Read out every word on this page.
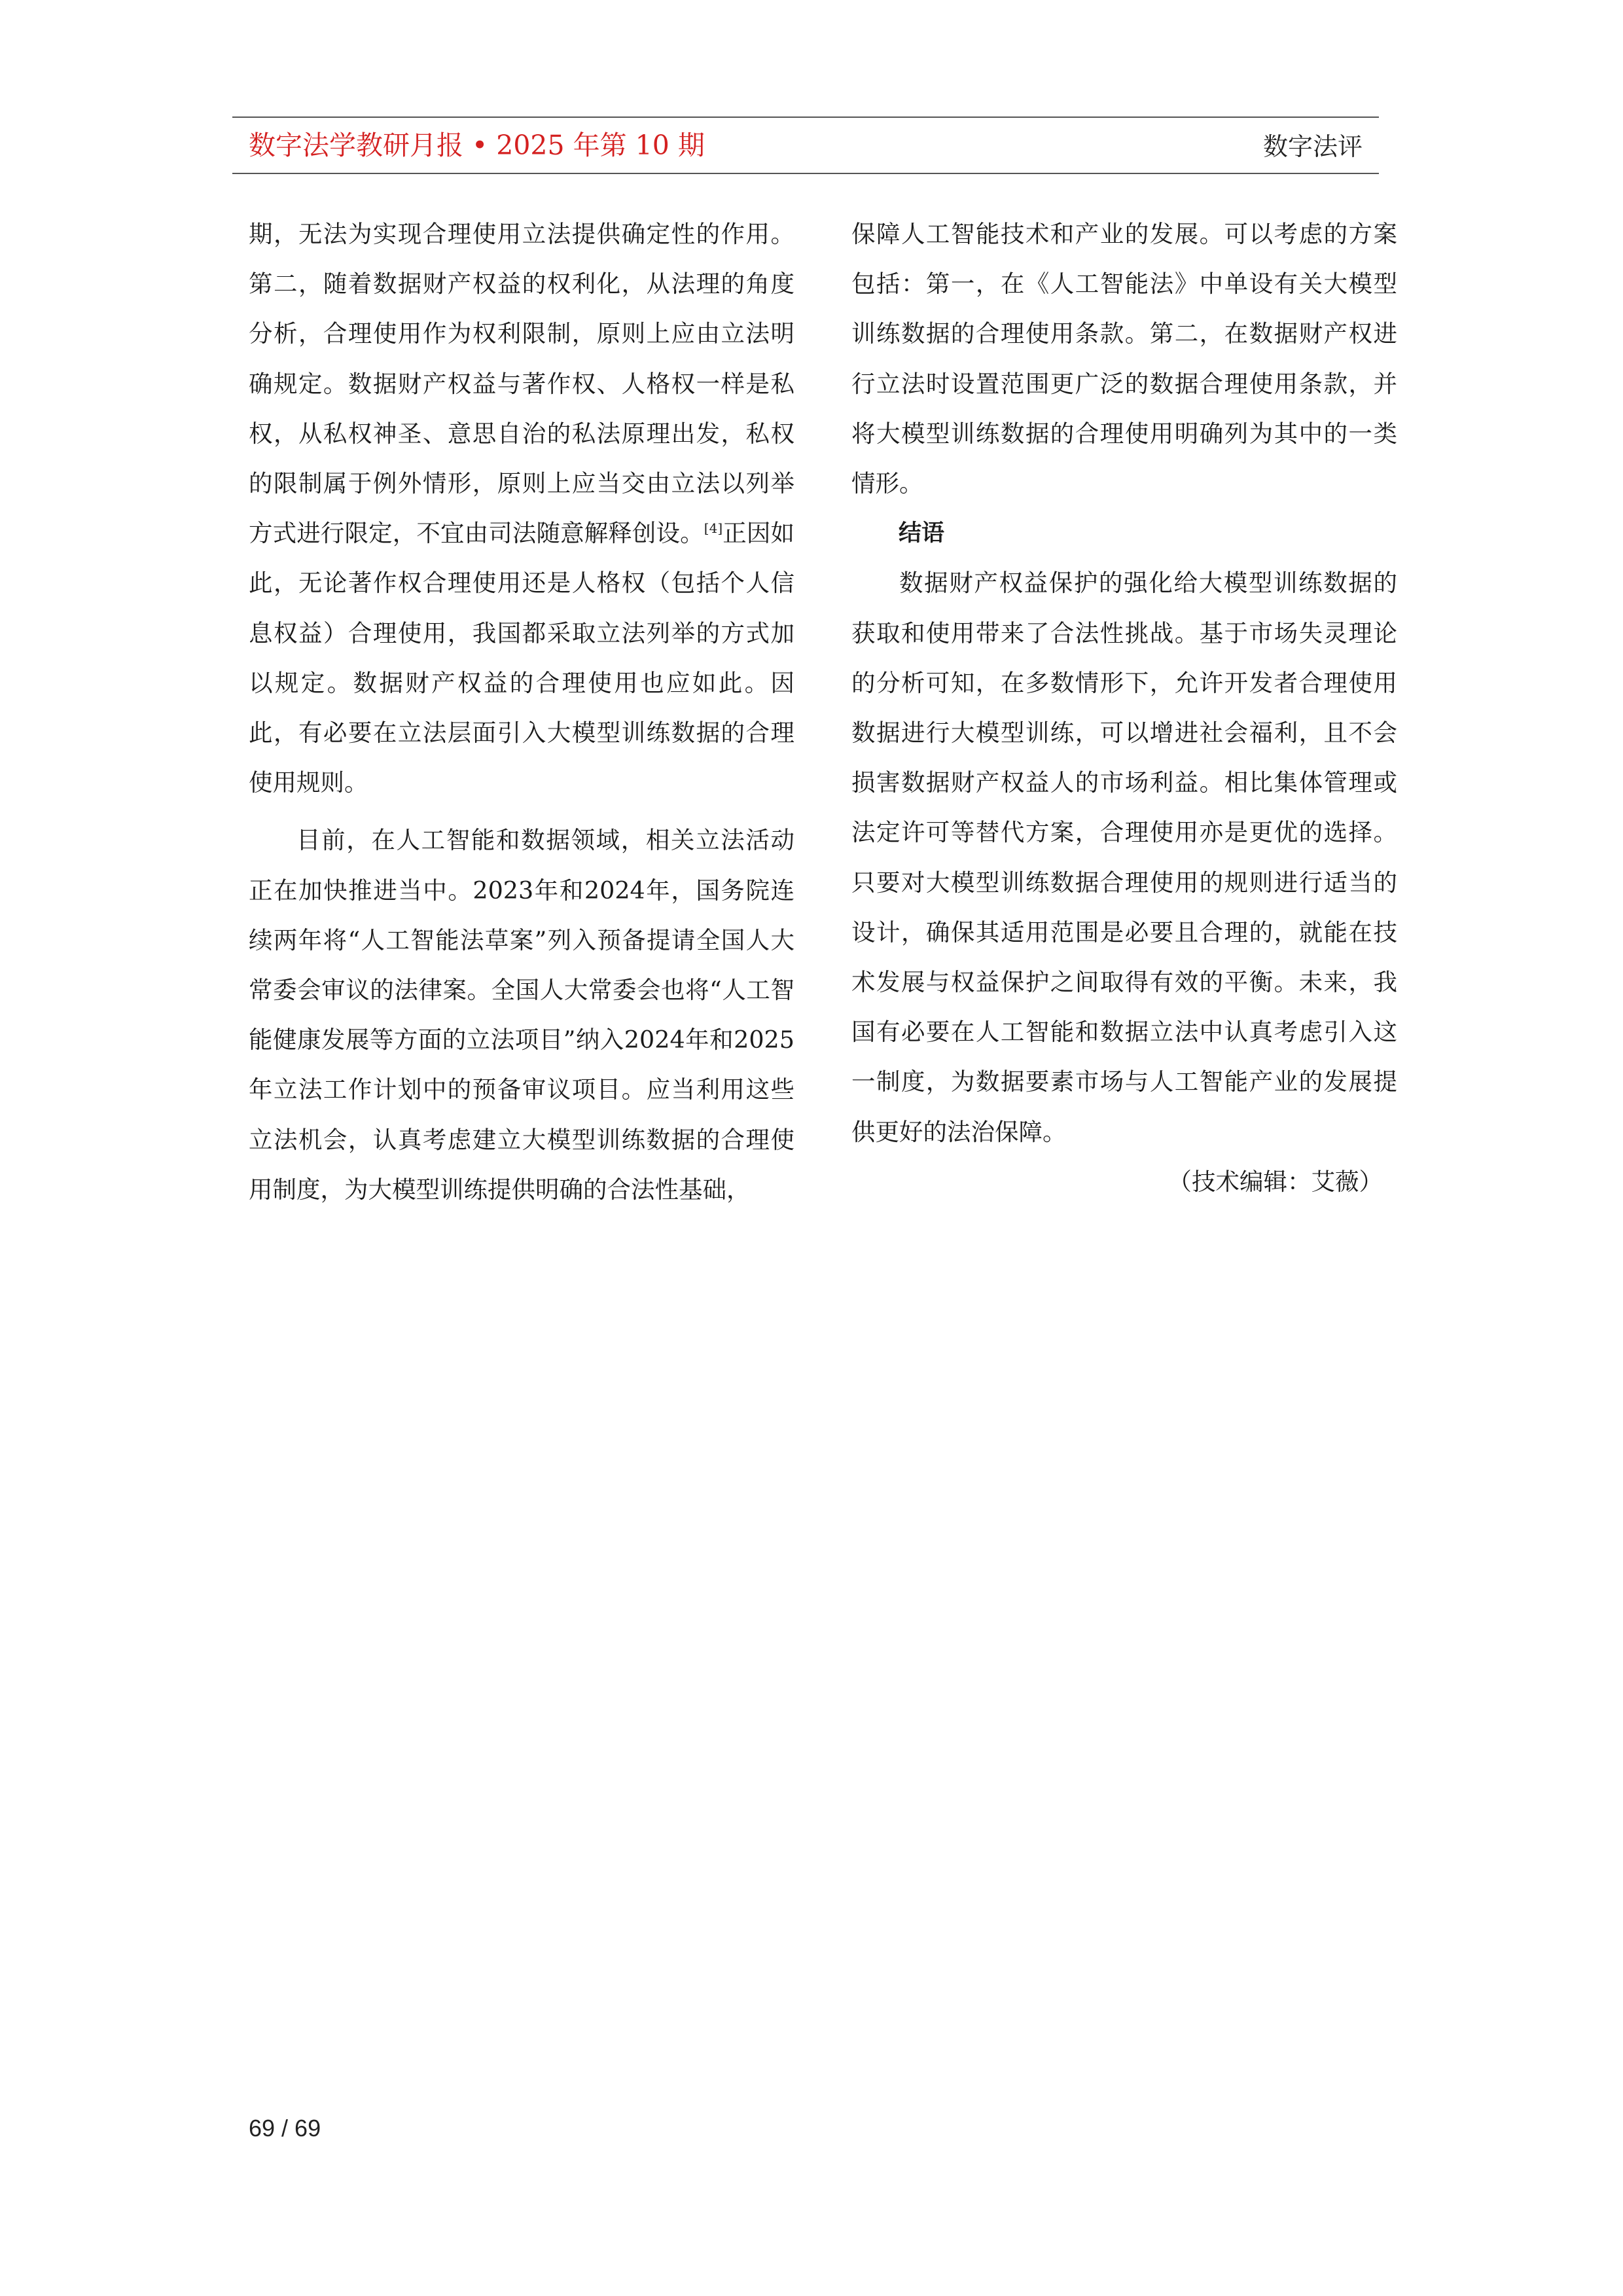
数字法学教研月报 • 2025 年第 10 期	数字法评

期，无法为实现合理使用立法提供确定性的作用。第二，随着数据财产权益的权利化，从法理的角度分析，合理使用作为权利限制，原则上应由立法明确规定。数据财产权益与著作权、人格权一样是私权，从私权神圣、意思自治的私法原理出发，私权的限制属于例外情形，原则上应当交由立法以列举方式进行限定，不宜由司法随意解释创设。[4]正因如此，无论著作权合理使用还是人格权（包括个人信息权益）合理使用，我国都采取立法列举的方式加以规定。数据财产权益的合理使用也应如此。因此，有必要在立法层面引入大模型训练数据的合理使用规则。

目前，在人工智能和数据领域，相关立法活动正在加快推进当中。2023年和2024年，国务院连续两年将“人工智能法草案”列入预备提请全国人大常委会审议的法律案。全国人大常委会也将“人工智能健康发展等方面的立法项目”纳入2024年和2025年立法工作计划中的预备审议项目。应当利用这些立法机会，认真考虑建立大模型训练数据的合理使用制度，为大模型训练提供明确的合法性基础，

保障人工智能技术和产业的发展。可以考虑的方案包括：第一，在《人工智能法》中单设有关大模型训练数据的合理使用条款。第二，在数据财产权进行立法时设置范围更广泛的数据合理使用条款，并将大模型训练数据的合理使用明确列为其中的一类情形。

结语

数据财产权益保护的强化给大模型训练数据的获取和使用带来了合法性挑战。基于市场失灵理论的分析可知，在多数情形下，允许开发者合理使用数据进行大模型训练，可以增进社会福利，且不会损害数据财产权益人的市场利益。相比集体管理或法定许可等替代方案，合理使用亦是更优的选择。只要对大模型训练数据合理使用的规则进行适当的设计，确保其适用范围是必要且合理的，就能在技术发展与权益保护之间取得有效的平衡。未来，我国有必要在人工智能和数据立法中认真考虑引入这一制度，为数据要素市场与人工智能产业的发展提供更好的法治保障。

（技术编辑：艾薇）

69 / 69
